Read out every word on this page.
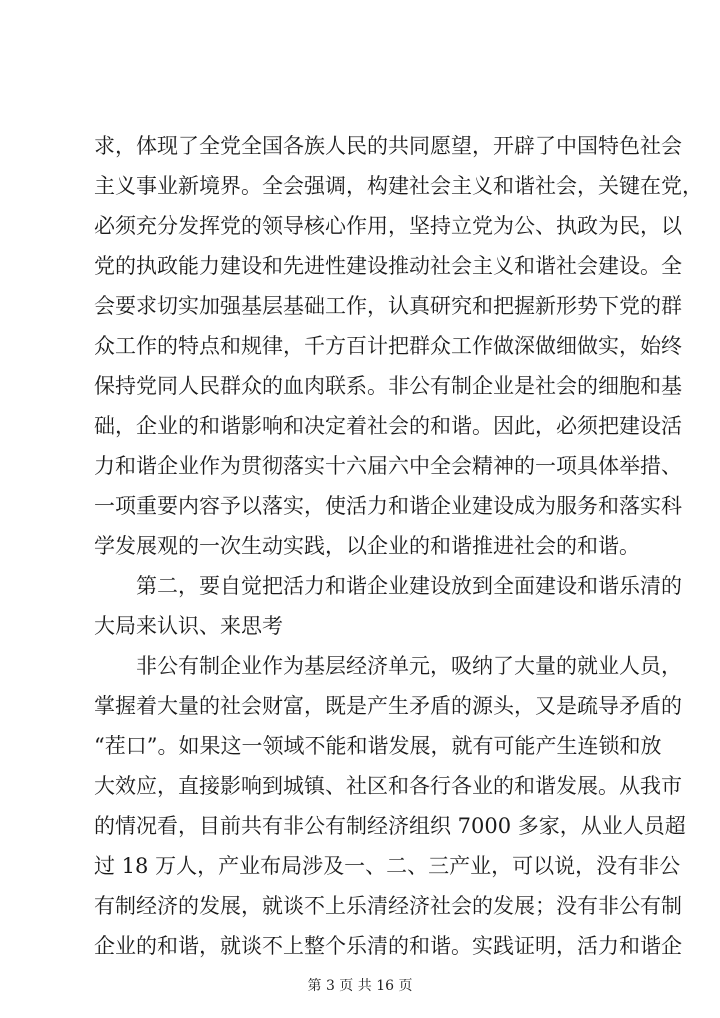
求，体现了全党全国各族人民的共同愿望，开辟了中国特色社会
主义事业新境界。全会强调，构建社会主义和谐社会，关键在党，
必须充分发挥党的领导核心作用，坚持立党为公、执政为民，以
党的执政能力建设和先进性建设推动社会主义和谐社会建设。全
会要求切实加强基层基础工作，认真研究和把握新形势下党的群
众工作的特点和规律，千方百计把群众工作做深做细做实，始终
保持党同人民群众的血肉联系。非公有制企业是社会的细胞和基
础，企业的和谐影响和决定着社会的和谐。因此，必须把建设活
力和谐企业作为贯彻落实十六届六中全会精神的一项具体举措、
一项重要内容予以落实，使活力和谐企业建设成为服务和落实科
学发展观的一次生动实践，以企业的和谐推进社会的和谐。
第二，要自觉把活力和谐企业建设放到全面建设和谐乐清的
大局来认识、来思考
非公有制企业作为基层经济单元，吸纳了大量的就业人员，
掌握着大量的社会财富，既是产生矛盾的源头，又是疏导矛盾的
“茬口”。如果这一领域不能和谐发展，就有可能产生连锁和放
大效应，直接影响到城镇、社区和各行各业的和谐发展。从我市
的情况看，目前共有非公有制经济组织 7000 多家，从业人员超
过 18 万人，产业布局涉及一、二、三产业，可以说，没有非公
有制经济的发展，就谈不上乐清经济社会的发展；没有非公有制
企业的和谐，就谈不上整个乐清的和谐。实践证明，活力和谐企
第 3 页 共 16 页
